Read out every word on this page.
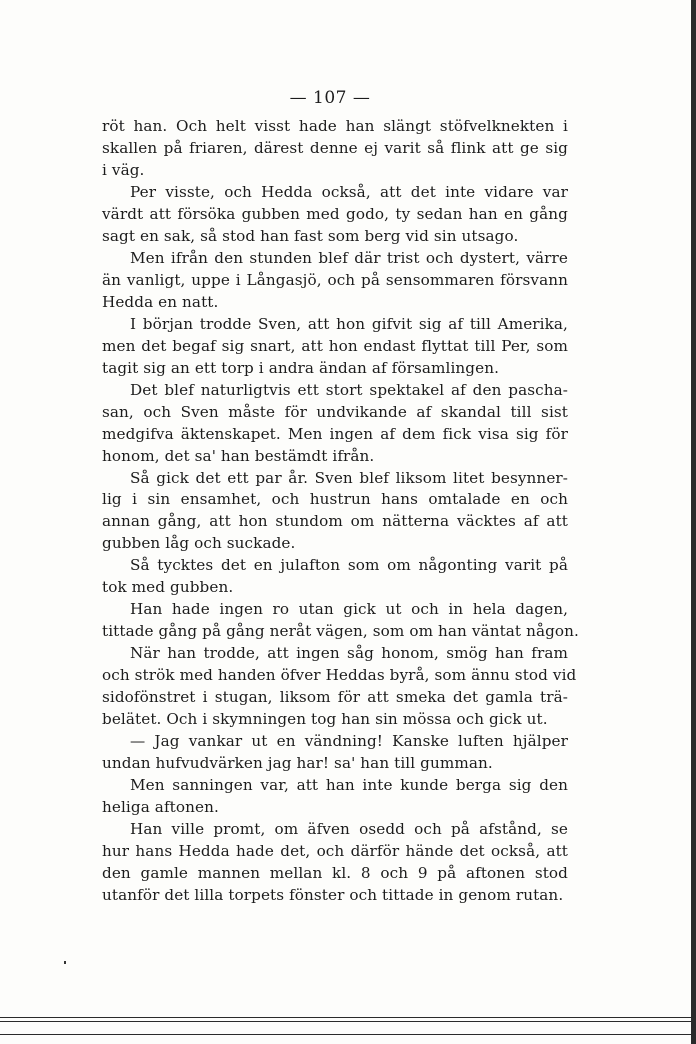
— 107 —
röt han. Och helt visst hade han slängt stöfvelknekten i
skallen på friaren, därest denne ej varit så flink att ge sig
i väg.
Per visste, och Hedda också, att det inte vidare var
värdt att försöka gubben med godo, ty sedan han en gång
sagt en sak, så stod han fast som berg vid sin utsago.
Men ifrån den stunden blef där trist och dystert, värre
än vanligt, uppe i Långasjö, och på sensommaren försvann
Hedda en natt.
I början trodde Sven, att hon gifvit sig af till Amerika,
men det begaf sig snart, att hon endast flyttat till Per, som
tagit sig an ett torp i andra ändan af församlingen.
Det blef naturligtvis ett stort spektakel af den pascha-
san, och Sven måste för undvikande af skandal till sist
medgifva äktenskapet. Men ingen af dem fick visa sig för
honom, det sa' han bestämdt ifrån.
Så gick det ett par år. Sven blef liksom litet besynner-
lig i sin ensamhet, och hustrun hans omtalade en och
annan gång, att hon stundom om nätterna väcktes af att
gubben låg och suckade.
Så tycktes det en julafton som om någonting varit på
tok med gubben.
Han hade ingen ro utan gick ut och in hela dagen,
tittade gång på gång neråt vägen, som om han väntat någon.
När han trodde, att ingen såg honom, smög han fram
och strök med handen öfver Heddas byrå, som ännu stod vid
sidofönstret i stugan, liksom för att smeka det gamla trä-
belätet. Och i skymningen tog han sin mössa och gick ut.
— Jag vankar ut en vändning! Kanske luften hjälper
undan hufvudvärken jag har! sa' han till gumman.
Men sanningen var, att han inte kunde berga sig den
heliga aftonen.
Han ville promt, om äfven osedd och på afstånd, se
hur hans Hedda hade det, och därför hände det också, att
den gamle mannen mellan kl. 8 och 9 på aftonen stod
utanför det lilla torpets fönster och tittade in genom rutan.
